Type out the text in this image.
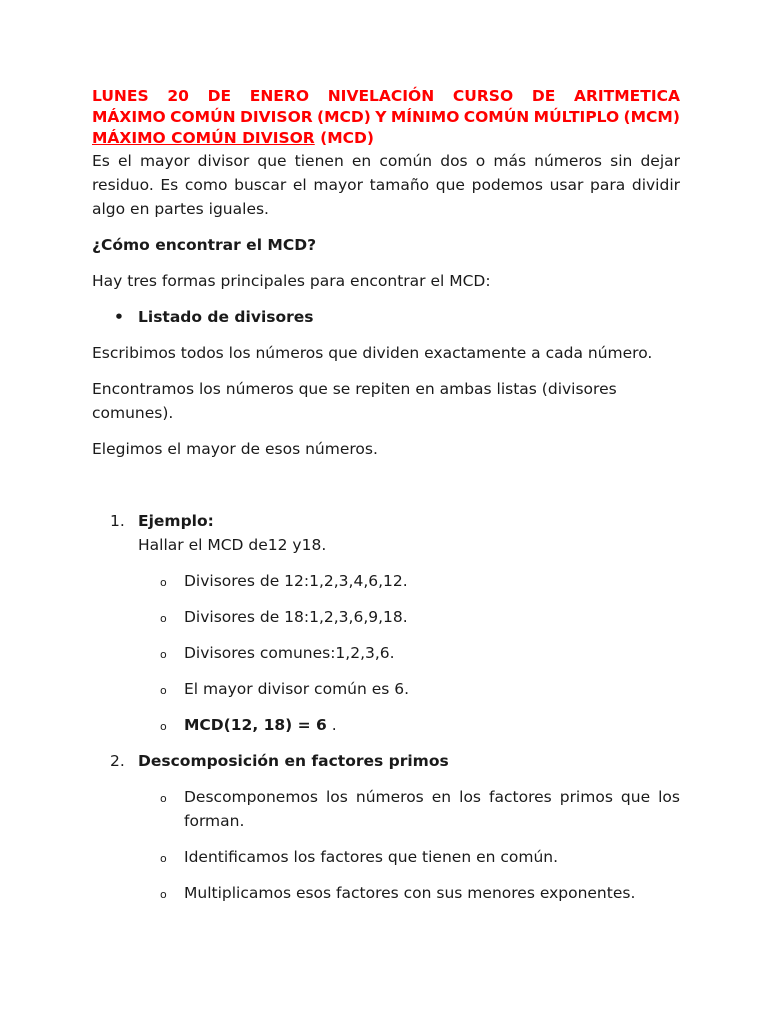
LUNES 20 DE ENERO NIVELACIÓN CURSO DE ARITMETICA
MÁXIMO COMÚN DIVISOR (MCD) Y MÍNIMO COMÚN MÚLTIPLO (MCM)
MÁXIMO COMÚN DIVISOR (MCD)

Es el mayor divisor que tienen en común dos o más números sin dejar residuo. Es como buscar el mayor tamaño que podemos usar para dividir algo en partes iguales.

¿Cómo encontrar el MCD?

Hay tres formas principales para encontrar el MCD:

• Listado de divisores

Escribimos todos los números que dividen exactamente a cada número.

Encontramos los números que se repiten en ambas listas (divisores comunes).

Elegimos el mayor de esos números.

1. Ejemplo:
Hallar el MCD de12 y18.
o Divisores de 12:1,2,3,4,6,12.
o Divisores de 18:1,2,3,6,9,18.
o Divisores comunes:1,2,3,6.
o El mayor divisor común es 6.
o MCD(12, 18) = 6 .
2. Descomposición en factores primos
o Descomponemos los números en los factores primos que los forman.
o Identificamos los factores que tienen en común.
o Multiplicamos esos factores con sus menores exponentes.
